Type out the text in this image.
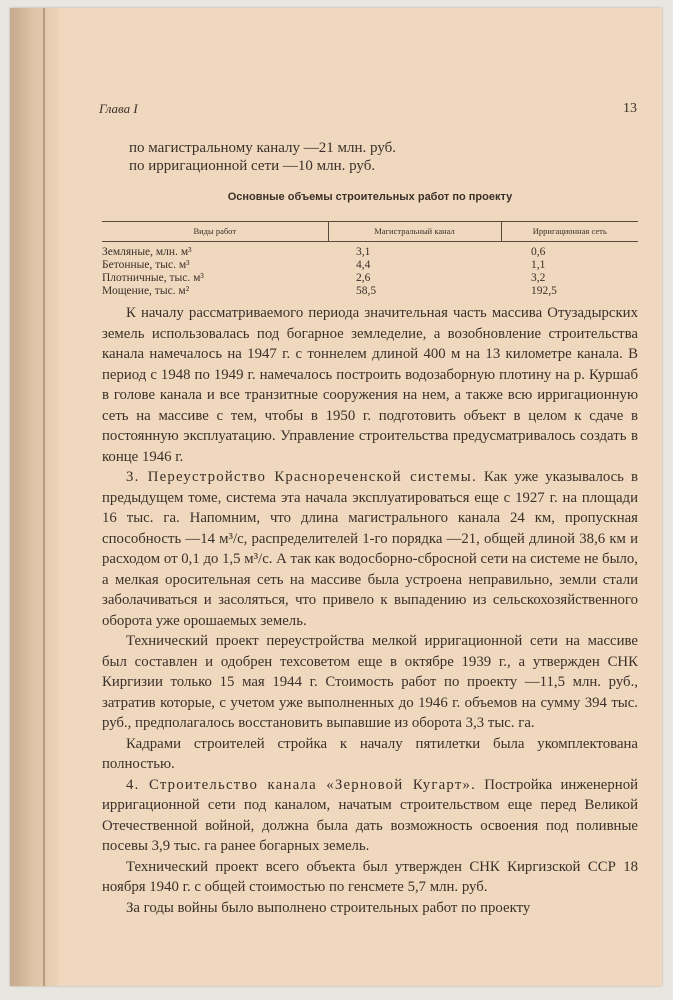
Глава I	13

по магистральному каналу —21 млн. руб.

по ирригационной сети —10 млн. руб.

Основные объемы строительных работ по проекту
Виды работ	Магистральный канал	Ирригационная сеть
Земляные, млн. м³	3,1	0,6
Бетонные, тыс. м³	4,4	1,1
Плотничные, тыс. м³	2,6	3,2
Мощение, тыс. м²	58,5	192,5

К началу рассматриваемого периода значительная часть массива Отузадырских земель использовалась под богарное земледелие, а возобновление строительства канала намечалось на 1947 г. с тоннелем длиной 400 м на 13 километре канала. В период с 1948 по 1949 г. намечалось построить водозаборную плотину на р. Куршаб в голове канала и все транзитные сооружения на нем, а также всю ирригационную сеть на массиве с тем, чтобы в 1950 г. подготовить объект в целом к сдаче в постоянную эксплуатацию. Управление строительства предусматривалось создать в конце 1946 г.

3. Переустройство Краснореченской системы. Как уже указывалось в предыдущем томе, система эта начала эксплуатироваться еще с 1927 г. на площади 16 тыс. га. Напомним, что длина магистрального канала 24 км, пропускная способность —14 м³/с, распределителей 1-го порядка —21, общей длиной 38,6 км и расходом от 0,1 до 1,5 м³/с. А так как водосборно-сбросной сети на системе не было, а мелкая оросительная сеть на массиве была устроена неправильно, земли стали заболачиваться и засоляться, что привело к выпадению из сельскохозяйственного оборота уже орошаемых земель.

Технический проект переустройства мелкой ирригационной сети на массиве был составлен и одобрен техсоветом еще в октябре 1939 г., а утвержден СНК Киргизии только 15 мая 1944 г. Стоимость работ по проекту —11,5 млн. руб., затратив которые, с учетом уже выполненных до 1946 г. объемов на сумму 394 тыс. руб., предполагалось восстановить выпавшие из оборота 3,3 тыс. га.

Кадрами строителей стройка к началу пятилетки была укомплектована полностью.

4. Строительство канала «Зерновой Кугарт». Постройка инженерной ирригационной сети под каналом, начатым строительством еще перед Великой Отечественной войной, должна была дать возможность освоения под поливные посевы 3,9 тыс. га ранее богарных земель.

Технический проект всего объекта был утвержден СНК Киргизской ССР 18 ноября 1940 г. с общей стоимостью по генсмете 5,7 млн. руб.

За годы войны было выполнено строительных работ по проекту
